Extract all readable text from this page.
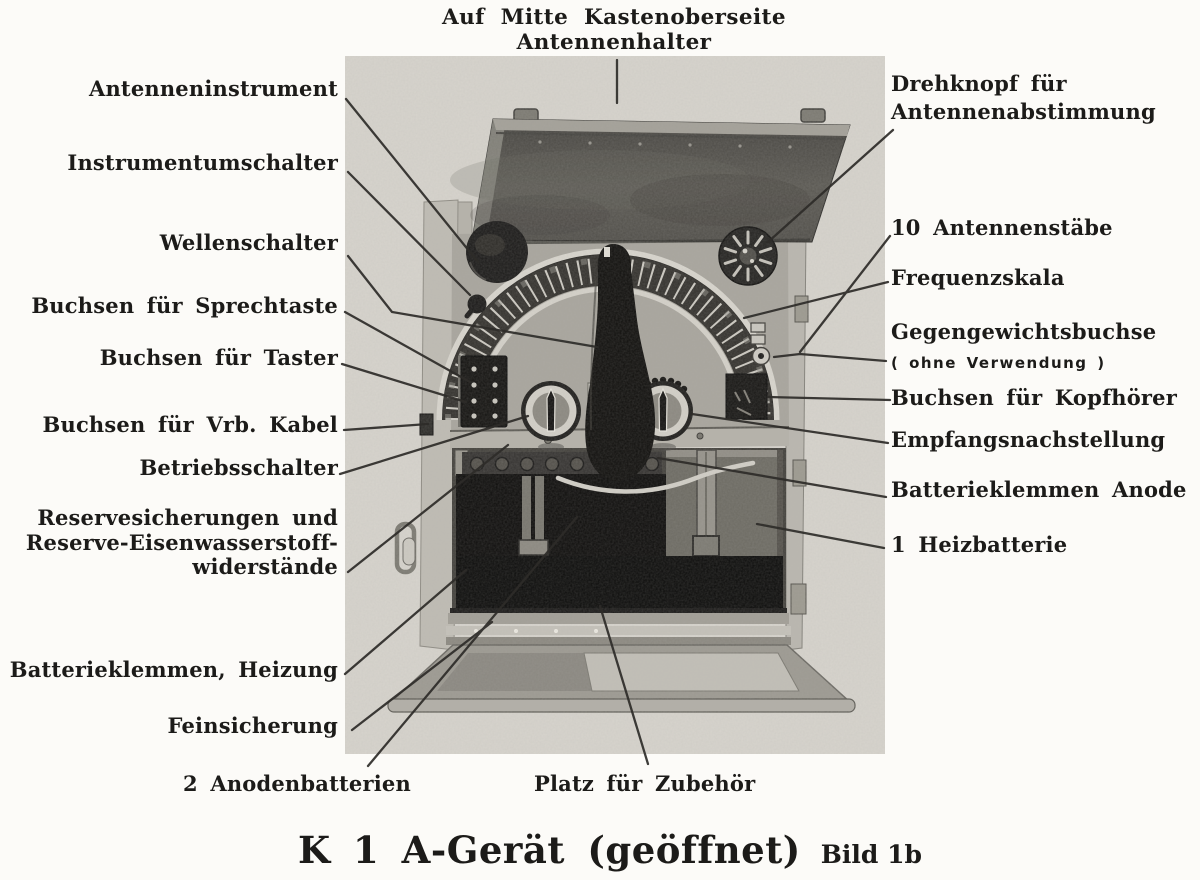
Auf Mitte Kastenoberseite Antennenhalter
Antenneninstrument
Instrumentumschalter
Wellenschalter
Buchsen für Sprechtaste
Buchsen für Taster
Buchsen für Vrb. Kabel
Betriebsschalter
Reservesicherungen und
Reserve-Eisenwasserstoff-
widerstände
Batterieklemmen, Heizung
Feinsicherung
Drehknopf für
Antennenabstimmung
10 Antennenstäbe
Frequenzskala
Gegengewichtsbuchse
( ohne Verwendung )
Buchsen für Kopfhörer
Empfangsnachstellung
Batterieklemmen Anode
1 Heizbatterie
2 Anodenbatterien	Platz für Zubehör
K 1 A-Gerät (geöffnet) Bild 1b
